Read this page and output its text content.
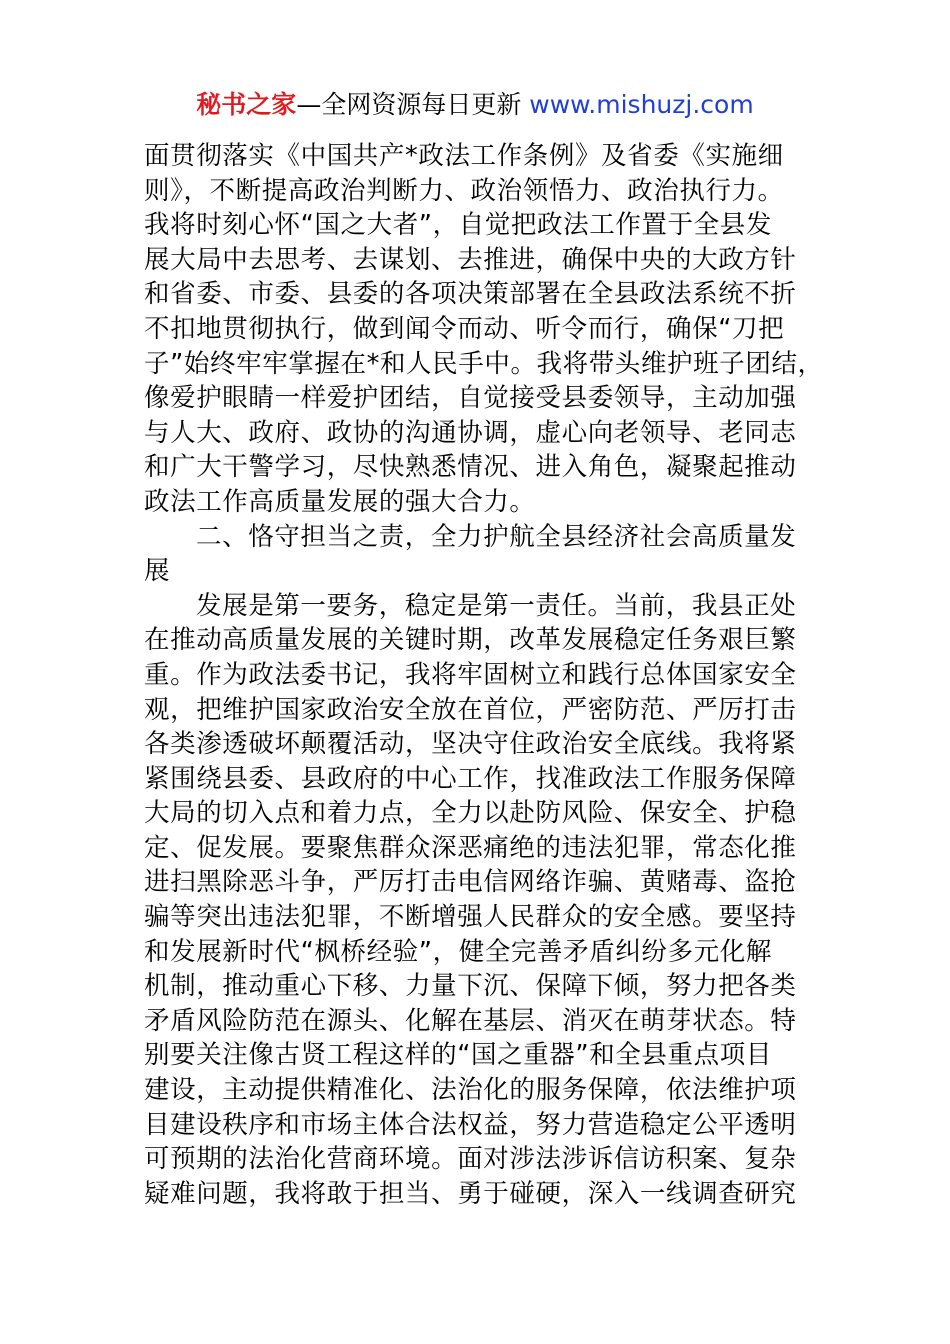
秘书之家—全网资源每日更新 www.mishuzj.com
面贯彻落实《中国共产*政法工作条例》及省委《实施细
则》，不断提高政治判断力、政治领悟力、政治执行力。
我将时刻心怀“国之大者”，自觉把政法工作置于全县发
展大局中去思考、去谋划、去推进，确保中央的大政方针
和省委、市委、县委的各项决策部署在全县政法系统不折
不扣地贯彻执行，做到闻令而动、听令而行，确保“刀把
子”始终牢牢掌握在*和人民手中。我将带头维护班子团结，
像爱护眼睛一样爱护团结，自觉接受县委领导，主动加强
与人大、政府、政协的沟通协调，虚心向老领导、老同志
和广大干警学习，尽快熟悉情况、进入角色，凝聚起推动
政法工作高质量发展的强大合力。
二、恪守担当之责，全力护航全县经济社会高质量发
展
发展是第一要务，稳定是第一责任。当前，我县正处
在推动高质量发展的关键时期，改革发展稳定任务艰巨繁
重。作为政法委书记，我将牢固树立和践行总体国家安全
观，把维护国家政治安全放在首位，严密防范、严厉打击
各类渗透破坏颠覆活动，坚决守住政治安全底线。我将紧
紧围绕县委、县政府的中心工作，找准政法工作服务保障
大局的切入点和着力点，全力以赴防风险、保安全、护稳
定、促发展。要聚焦群众深恶痛绝的违法犯罪，常态化推
进扫黑除恶斗争，严厉打击电信网络诈骗、黄赌毒、盗抢
骗等突出违法犯罪，不断增强人民群众的安全感。要坚持
和发展新时代“枫桥经验”，健全完善矛盾纠纷多元化解
机制，推动重心下移、力量下沉、保障下倾，努力把各类
矛盾风险防范在源头、化解在基层、消灭在萌芽状态。特
别要关注像古贤工程这样的“国之重器”和全县重点项目
建设，主动提供精准化、法治化的服务保障，依法维护项
目建设秩序和市场主体合法权益，努力营造稳定公平透明
可预期的法治化营商环境。面对涉法涉诉信访积案、复杂
疑难问题，我将敢于担当、勇于碰硬，深入一线调查研究
